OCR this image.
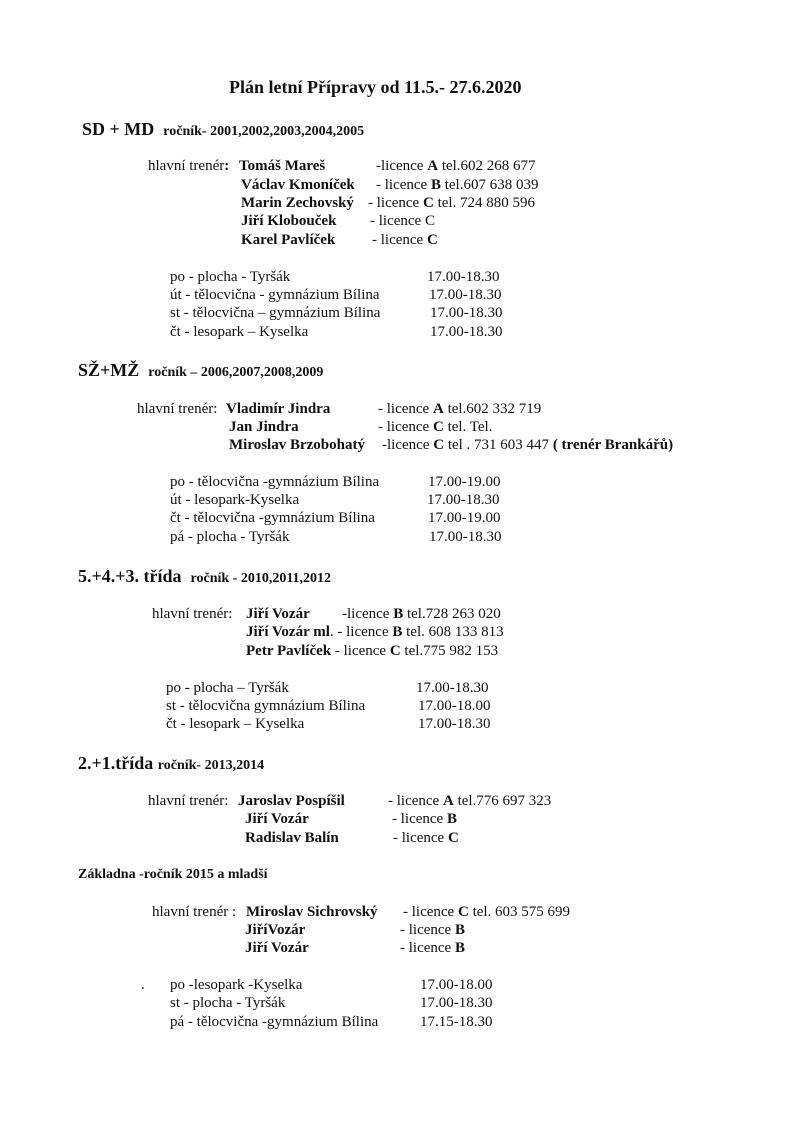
Plán letní Přípravy od 11.5.- 27.6.2020
SD + MD ročník- 2001,2002,2003,2004,2005
hlavní trenér: Tomáš Mareš	-licence A tel.602 268 677
Václav Kmoníček - licence B tel.607 638 039
Marin Zechovský - licence C tel. 724 880 596
Jiří Klobouček - licence C
Karel Pavlíček - licence C
po - plocha - Tyršák	17.00-18.30
út - tělocvična - gymnázium Bílina	17.00-18.30
st - tělocvična – gymnázium Bílina	17.00-18.30
čt - lesopark – Kyselka	17.00-18.30
SŽ+MŽ ročník – 2006,2007,2008,2009
hlavní trenér: Vladimír Jindra	- licence A tel.602 332 719
Jan Jindra	- licence C tel. Tel.
Miroslav Brzobohatý -licence C tel . 731 603 447 ( trenér Brankářů)
po - tělocvična -gymnázium Bílina	17.00-19.00
út - lesopark-Kyselka	17.00-18.30
čt - tělocvična -gymnázium Bílina	17.00-19.00
pá - plocha - Tyršák	17.00-18.30
5.+4.+3. třída ročník - 2010,2011,2012
hlavní trenér: Jiří Vozár -licence B tel.728 263 020
Jiří Vozár ml. - licence B tel. 608 133 813
Petr Pavlíček - licence C tel.775 982 153
po - plocha – Tyršák	17.00-18.30
st - tělocvična gymnázium Bílina	17.00-18.00
čt - lesopark – Kyselka	17.00-18.30
2.+1.třída ročník- 2013,2014
hlavní trenér: Jaroslav Pospíšil	- licence A tel.776 697 323
Jiří Vozár	- licence B
Radislav Balín	- licence C
Základna -ročník 2015 a mladší
hlavní trenér : Miroslav Sichrovský - licence C tel. 603 575 699
JiříVozár	- licence B
Jiří Vozár	- licence B
. po -lesopark -Kyselka	17.00-18.00
st - plocha - Tyršák	17.00-18.30
pá - tělocvična -gymnázium Bílina	17.15-18.30
